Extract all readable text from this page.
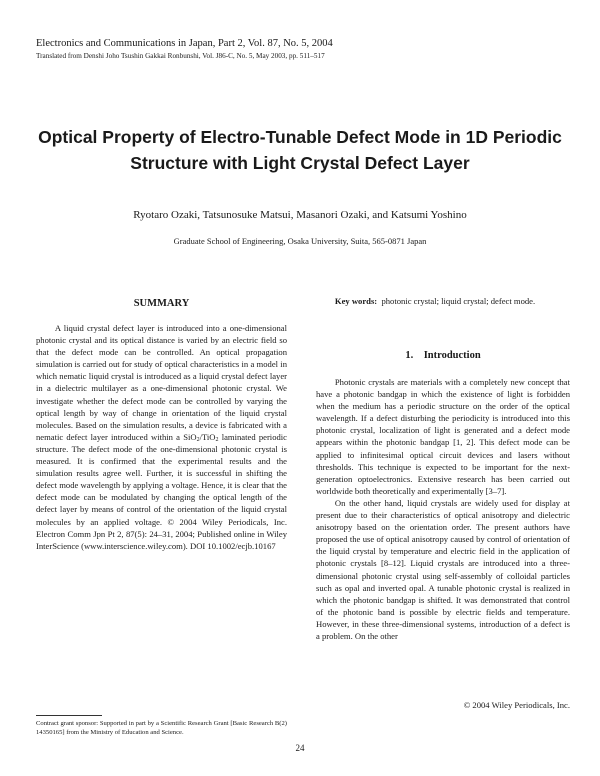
Electronics and Communications in Japan, Part 2, Vol. 87, No. 5, 2004
Translated from Denshi Joho Tsushin Gakkai Ronbunshi, Vol. J86-C, No. 5, May 2003, pp. 511–517
Optical Property of Electro-Tunable Defect Mode in 1D Periodic Structure with Light Crystal Defect Layer
Ryotaro Ozaki, Tatsunosuke Matsui, Masanori Ozaki, and Katsumi Yoshino
Graduate School of Engineering, Osaka University, Suita, 565-0871 Japan
SUMMARY

A liquid crystal defect layer is introduced into a one-dimensional photonic crystal and its optical distance is varied by an electric field so that the defect mode can be controlled. An optical propagation simulation is carried out for study of optical characteristics in a model in which nematic liquid crystal is introduced as a liquid crystal defect layer in a dielectric multilayer as a one-dimensional photonic crystal. We investigate whether the defect mode can be controlled by varying the optical length by way of change in orientation of the liquid crystal molecules. Based on the simulation results, a device is fabricated with a nematic defect layer introduced within a SiO$_2$/TiO$_2$ laminated periodic structure. The defect mode of the one-dimensional photonic crystal is measured. It is confirmed that the experimental results and the simulation results agree well. Further, it is successful in shifting the defect mode wavelength by applying a voltage. Hence, it is clear that the defect mode can be modulated by changing the optical length of the defect layer by means of control of the orientation of the liquid crystal molecules by an applied voltage. © 2004 Wiley Periodicals, Inc. Electron Comm Jpn Pt 2, 87(5): 24–31, 2004; Published online in Wiley InterScience (www.interscience.wiley.com). DOI 10.1002/ecjb.10167

Key words: photonic crystal; liquid crystal; defect mode.

1. Introduction

Photonic crystals are materials with a completely new concept that have a photonic bandgap in which the existence of light is forbidden when the medium has a periodic structure on the order of the optical wavelength. If a defect disturbing the periodicity is introduced into this photonic crystal, localization of light is generated and a defect mode appears within the photonic bandgap [1, 2]. This defect mode can be applied to infinitesimal optical circuit devices and lasers without thresholds. This technique is expected to be important for the next-generation optoelectronics. Extensive research has been carried out worldwide both theoretically and experimentally [3–7].

On the other hand, liquid crystals are widely used for display at present due to their characteristics of optical anisotropy and dielectric anisotropy based on the orientation order. The present authors have proposed the use of optical anisotropy caused by control of orientation of the liquid crystal by temperature and electric field in the application of photonic crystals [8–12]. Liquid crystals are introduced into a three-dimensional photonic crystal using self-assembly of colloidal particles such as opal and inverted opal. A tunable photonic crystal is realized in which the photonic bandgap is shifted. It was demonstrated that control of the photonic band is possible by electric fields and temperature. However, in these three-dimensional systems, introduction of a defect is a problem. On the other

Contract grant sponsor: Supported in part by a Scientific Research Grant [Basic Research B(2) 14350165] from the Ministry of Education and Science.
© 2004 Wiley Periodicals, Inc.
24
